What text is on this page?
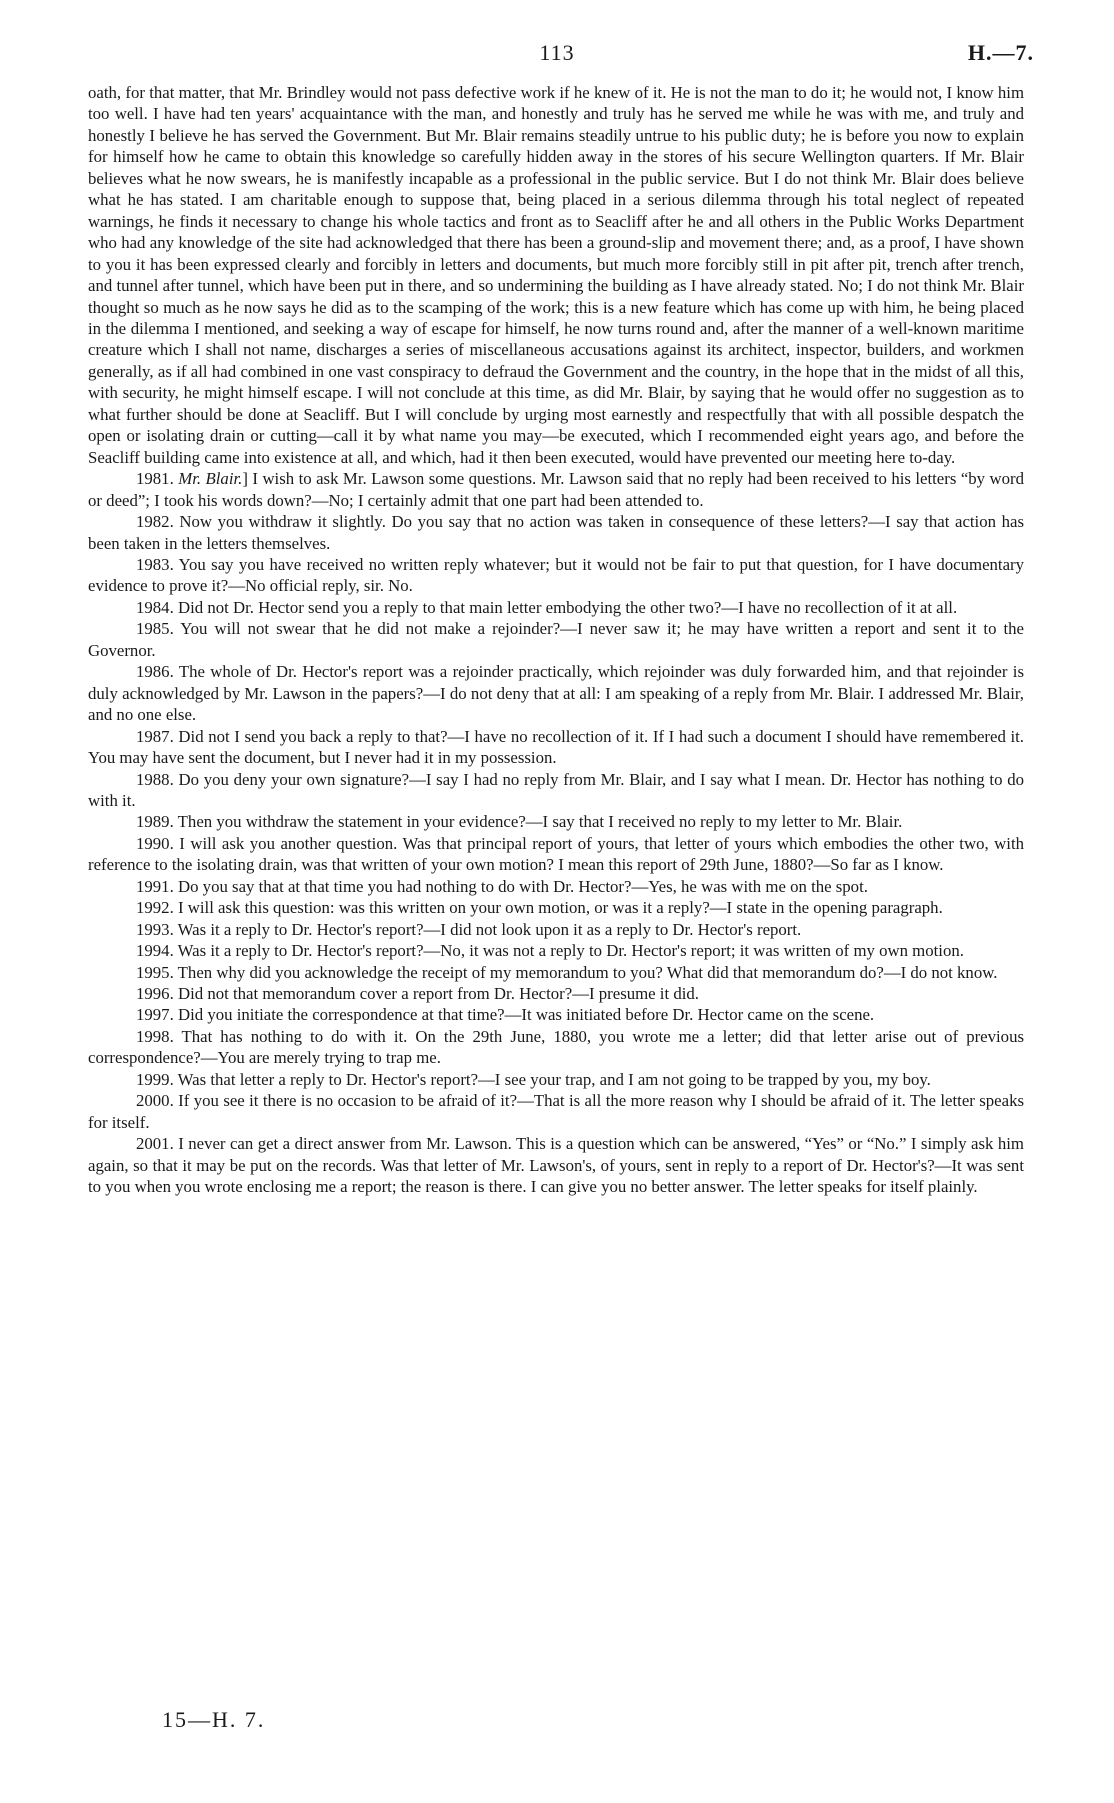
113	H.—7.

oath, for that matter, that Mr. Brindley would not pass defective work if he knew of it. He is not the man to do it; he would not, I know him too well. I have had ten years' acquaintance with the man, and honestly and truly has he served me while he was with me, and truly and honestly I believe he has served the Government. But Mr. Blair remains steadily untrue to his public duty; he is before you now to explain for himself how he came to obtain this knowledge so carefully hidden away in the stores of his secure Wellington quarters. If Mr. Blair believes what he now swears, he is manifestly incapable as a professional in the public service. But I do not think Mr. Blair does believe what he has stated. I am charitable enough to suppose that, being placed in a serious dilemma through his total neglect of repeated warnings, he finds it necessary to change his whole tactics and front as to Seacliff after he and all others in the Public Works Department who had any knowledge of the site had acknowledged that there has been a ground-slip and movement there; and, as a proof, I have shown to you it has been expressed clearly and forcibly in letters and documents, but much more forcibly still in pit after pit, trench after trench, and tunnel after tunnel, which have been put in there, and so undermining the building as I have already stated. No; I do not think Mr. Blair thought so much as he now says he did as to the scamping of the work; this is a new feature which has come up with him, he being placed in the dilemma I mentioned, and seeking a way of escape for himself, he now turns round and, after the manner of a well-known maritime creature which I shall not name, discharges a series of miscellaneous accusations against its architect, inspector, builders, and workmen generally, as if all had combined in one vast conspiracy to defraud the Government and the country, in the hope that in the midst of all this, with security, he might himself escape. I will not conclude at this time, as did Mr. Blair, by saying that he would offer no suggestion as to what further should be done at Seacliff. But I will conclude by urging most earnestly and respectfully that with all possible despatch the open or isolating drain or cutting—call it by what name you may—be executed, which I recommended eight years ago, and before the Seacliff building came into existence at all, and which, had it then been executed, would have prevented our meeting here to-day.

1981. Mr. Blair.] I wish to ask Mr. Lawson some questions. Mr. Lawson said that no reply had been received to his letters “by word or deed”; I took his words down?—No; I certainly admit that one part had been attended to.

1982. Now you withdraw it slightly. Do you say that no action was taken in consequence of these letters?—I say that action has been taken in the letters themselves.

1983. You say you have received no written reply whatever; but it would not be fair to put that question, for I have documentary evidence to prove it?—No official reply, sir. No.

1984. Did not Dr. Hector send you a reply to that main letter embodying the other two?—I have no recollection of it at all.

1985. You will not swear that he did not make a rejoinder?—I never saw it; he may have written a report and sent it to the Governor.

1986. The whole of Dr. Hector's report was a rejoinder practically, which rejoinder was duly forwarded him, and that rejoinder is duly acknowledged by Mr. Lawson in the papers?—I do not deny that at all: I am speaking of a reply from Mr. Blair. I addressed Mr. Blair, and no one else.

1987. Did not I send you back a reply to that?—I have no recollection of it. If I had such a document I should have remembered it. You may have sent the document, but I never had it in my possession.

1988. Do you deny your own signature?—I say I had no reply from Mr. Blair, and I say what I mean. Dr. Hector has nothing to do with it.

1989. Then you withdraw the statement in your evidence?—I say that I received no reply to my letter to Mr. Blair.

1990. I will ask you another question. Was that principal report of yours, that letter of yours which embodies the other two, with reference to the isolating drain, was that written of your own motion? I mean this report of 29th June, 1880?—So far as I know.

1991. Do you say that at that time you had nothing to do with Dr. Hector?—Yes, he was with me on the spot.

1992. I will ask this question: was this written on your own motion, or was it a reply?—I state in the opening paragraph.

1993. Was it a reply to Dr. Hector's report?—I did not look upon it as a reply to Dr. Hector's report.

1994. Was it a reply to Dr. Hector's report?—No, it was not a reply to Dr. Hector's report; it was written of my own motion.

1995. Then why did you acknowledge the receipt of my memorandum to you? What did that memorandum do?—I do not know.

1996. Did not that memorandum cover a report from Dr. Hector?—I presume it did.

1997. Did you initiate the correspondence at that time?—It was initiated before Dr. Hector came on the scene.

1998. That has nothing to do with it. On the 29th June, 1880, you wrote me a letter; did that letter arise out of previous correspondence?—You are merely trying to trap me.

1999. Was that letter a reply to Dr. Hector's report?—I see your trap, and I am not going to be trapped by you, my boy.

2000. If you see it there is no occasion to be afraid of it?—That is all the more reason why I should be afraid of it. The letter speaks for itself.

2001. I never can get a direct answer from Mr. Lawson. This is a question which can be answered, “Yes” or “No.” I simply ask him again, so that it may be put on the records. Was that letter of Mr. Lawson's, of yours, sent in reply to a report of Dr. Hector's?—It was sent to you when you wrote enclosing me a report; the reason is there. I can give you no better answer. The letter speaks for itself plainly.

15—H. 7.
